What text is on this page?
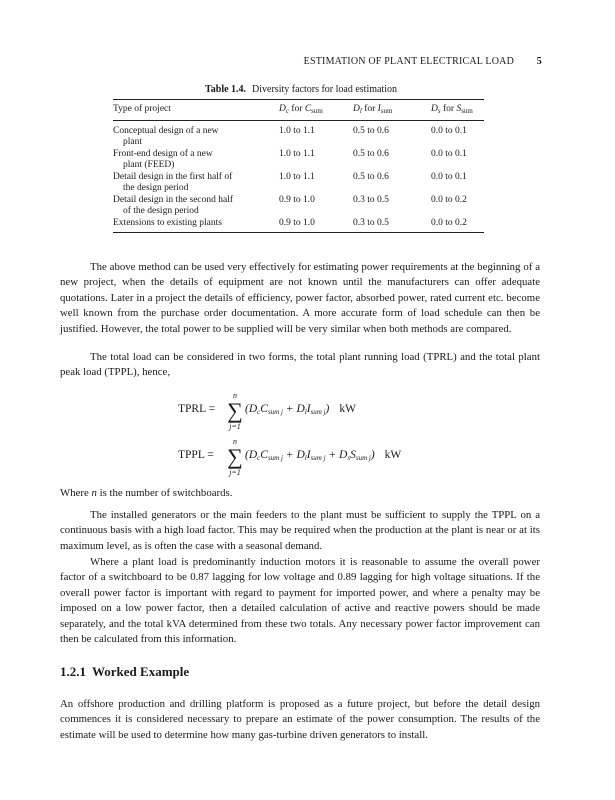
ESTIMATION OF PLANT ELECTRICAL LOAD 5
Table 1.4. Diversity factors for load estimation
Type of project	$D_c$ for $C_{sum}$	$D_l$ for $I_{sum}$	$D_s$ for $S_{sum}$

Conceptual design of a new
plant	1.0 to 1.1	0.5 to 0.6	0.0 to 0.1

Front-end design of a new
plant (FEED)	1.0 to 1.1	0.5 to 0.6	0.0 to 0.1

Detail design in the first half of
the design period	1.0 to 1.1	0.5 to 0.6	0.0 to 0.1

Detail design in the second half
of the design period	0.9 to 1.0	0.3 to 0.5	0.0 to 0.2

Extensions to existing plants	0.9 to 1.0	0.3 to 0.5	0.0 to 0.2

The above method can be used very effectively for estimating power requirements at the beginning of a new project, when the details of equipment are not known until the manufacturers can offer adequate quotations. Later in a project the details of efficiency, power factor, absorbed power, rated current etc. become well known from the purchase order documentation. A more accurate form of load schedule can then be justified. However, the total power to be supplied will be very similar when both methods are compared.

The total load can be considered in two forms, the total plant running load (TPRL) and the total plant peak load (TPPL), hence,

TPRL =
n
∑
j=1
$(D_cC_{sum j} + D_lI_{sum j})$ kW
TPPL =
n
∑
j=1
$(D_cC_{sum j} + D_lI_{sum j} + D_sS_{sum j})$ kW

Where n is the number of switchboards.

The installed generators or the main feeders to the plant must be sufficient to supply the TPPL on a continuous basis with a high load factor. This may be required when the production at the plant is near or at its maximum level, as is often the case with a seasonal demand.

Where a plant load is predominantly induction motors it is reasonable to assume the overall power factor of a switchboard to be 0.87 lagging for low voltage and 0.89 lagging for high voltage situations. If the overall power factor is important with regard to payment for imported power, and where a penalty may be imposed on a low power factor, then a detailed calculation of active and reactive powers should be made separately, and the total kVA determined from these two totals. Any necessary power factor improvement can then be calculated from this information.

1.2.1 Worked Example

An offshore production and drilling platform is proposed as a future project, but before the detail design commences it is considered necessary to prepare an estimate of the power consumption. The results of the estimate will be used to determine how many gas-turbine driven generators to install.
